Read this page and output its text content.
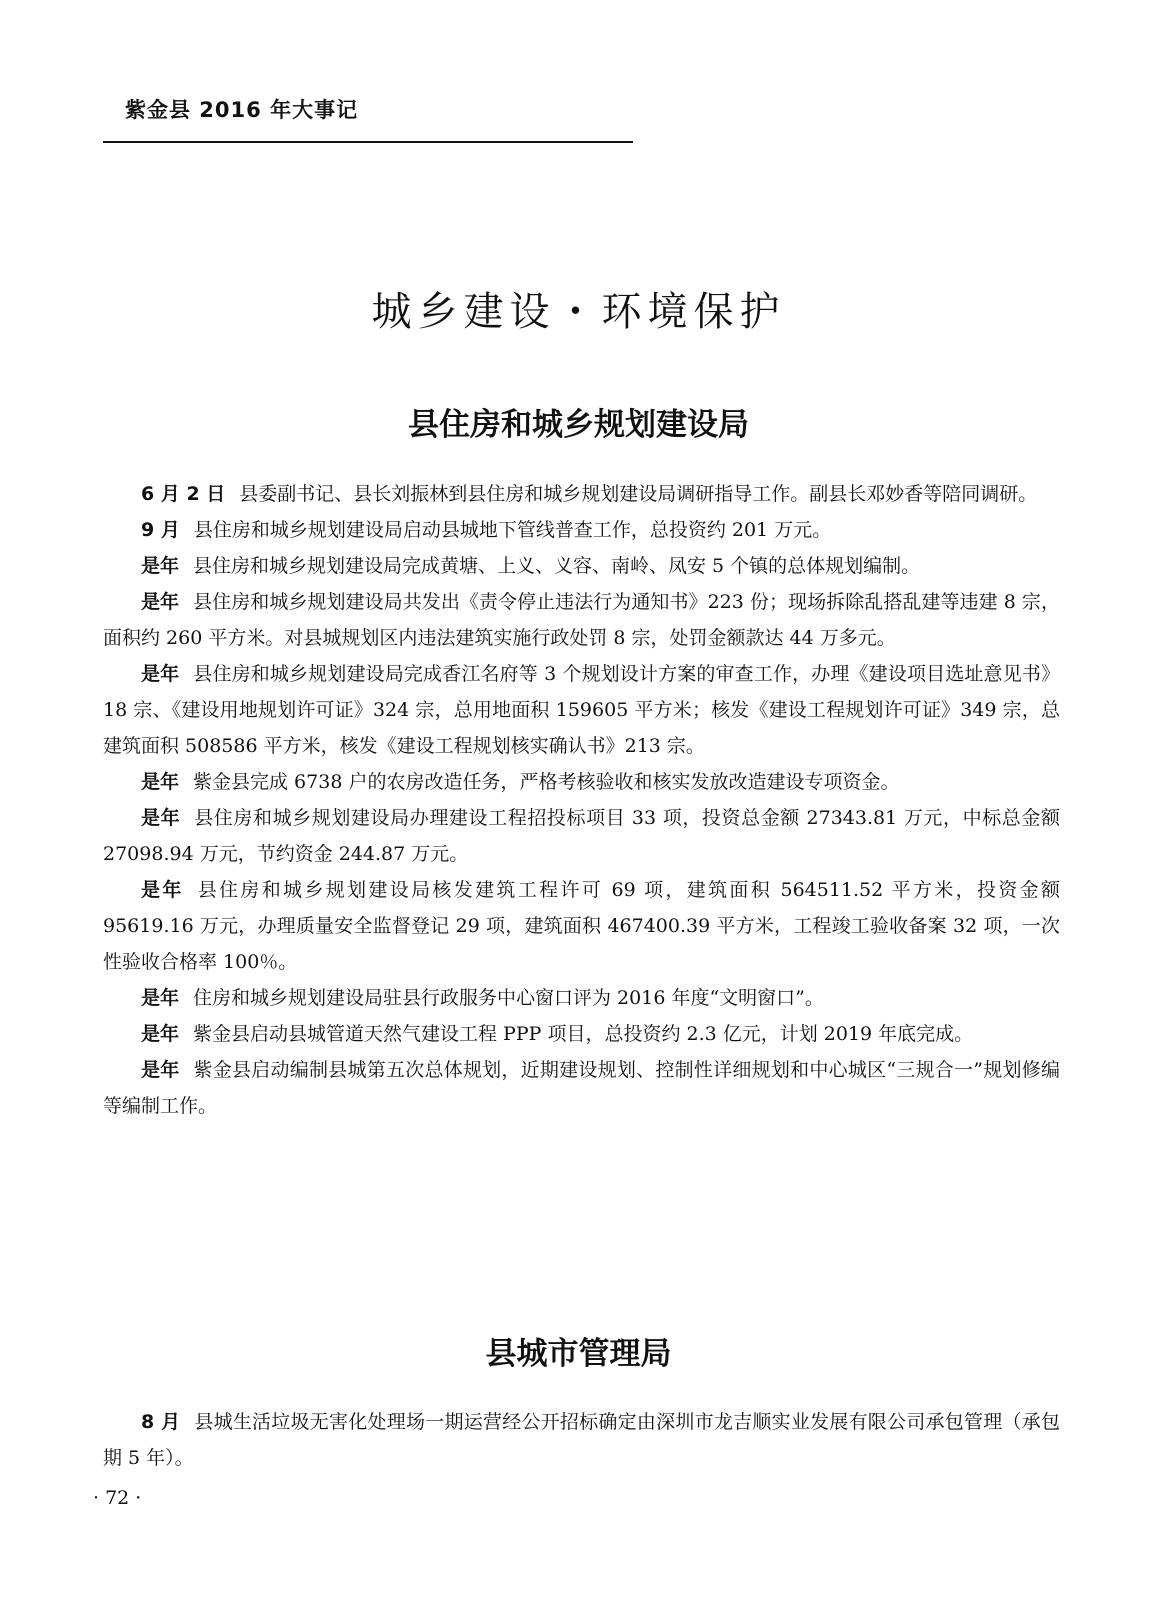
紫金县 2016 年大事记

城乡建设・环境保护
县住房和城乡规划建设局

6 月 2 日 县委副书记、县长刘振林到县住房和城乡规划建设局调研指导工作。副县长邓妙香等陪同调研。

9 月 县住房和城乡规划建设局启动县城地下管线普查工作，总投资约 201 万元。

是年 县住房和城乡规划建设局完成黄塘、上义、义容、南岭、凤安 5 个镇的总体规划编制。

是年 县住房和城乡规划建设局共发出《责令停止违法行为通知书》223 份；现场拆除乱搭乱建等违建 8 宗，面积约 260 平方米。对县城规划区内违法建筑实施行政处罚 8 宗，处罚金额款达 44 万多元。

是年 县住房和城乡规划建设局完成香江名府等 3 个规划设计方案的审查工作，办理《建设项目选址意见书》18 宗、《建设用地规划许可证》324 宗，总用地面积 159605 平方米；核发《建设工程规划许可证》349 宗，总建筑面积 508586 平方米，核发《建设工程规划核实确认书》213 宗。

是年 紫金县完成 6738 户的农房改造任务，严格考核验收和核实发放改造建设专项资金。

是年 县住房和城乡规划建设局办理建设工程招投标项目 33 项，投资总金额 27343.81 万元，中标总金额 27098.94 万元，节约资金 244.87 万元。

是年 县住房和城乡规划建设局核发建筑工程许可 69 项，建筑面积 564511.52 平方米，投资金额 95619.16 万元，办理质量安全监督登记 29 项，建筑面积 467400.39 平方米，工程竣工验收备案 32 项，一次性验收合格率 100％。

是年 住房和城乡规划建设局驻县行政服务中心窗口评为 2016 年度“文明窗口”。

是年 紫金县启动县城管道天然气建设工程 PPP 项目，总投资约 2.3 亿元，计划 2019 年底完成。

是年 紫金县启动编制县城第五次总体规划，近期建设规划、控制性详细规划和中心城区“三规合一”规划修编等编制工作。

县城市管理局

8 月 县城生活垃圾无害化处理场一期运营经公开招标确定由深圳市龙吉顺实业发展有限公司承包管理（承包期 5 年）。

· 72 ·
